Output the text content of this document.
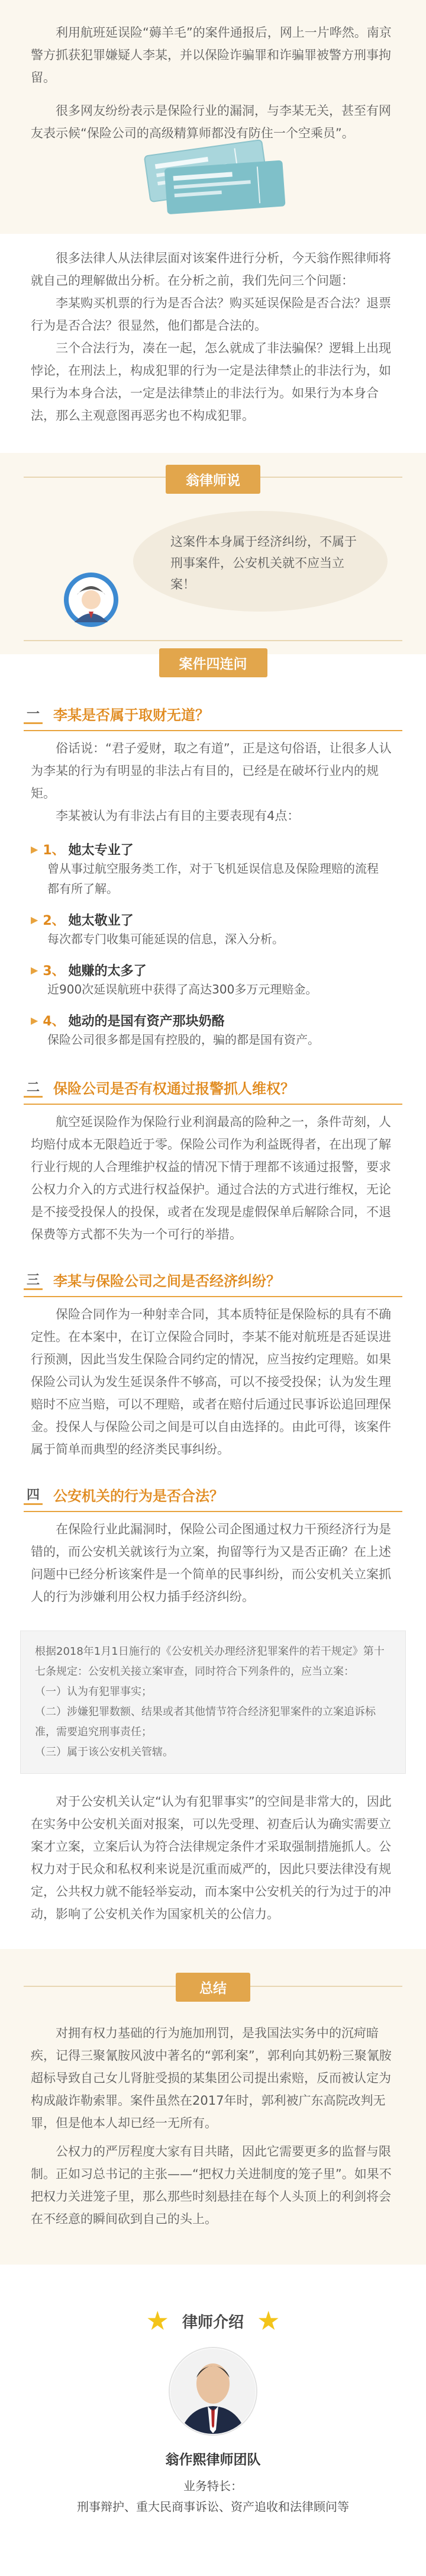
利用航班延误险“薅羊毛”的案件通报后，网上一片哗然。南京警方抓获犯罪嫌疑人李某，并以保险诈骗罪和诈骗罪被警方刑事拘留。

很多网友纷纷表示是保险行业的漏洞，与李某无关，甚至有网友表示候“保险公司的高级精算师都没有防住一个空乘员”。

很多法律人从法律层面对该案件进行分析，今天翁作熙律师将就自己的理解做出分析。在分析之前，我们先问三个问题：

李某购买机票的行为是否合法？购买延误保险是否合法？退票行为是否合法？很显然，他们都是合法的。

三个合法行为，凑在一起，怎么就成了非法骗保？逻辑上出现悖论，在刑法上，构成犯罪的行为一定是法律禁止的非法行为，如果行为本身合法，一定是法律禁止的非法行为。如果行为本身合法，那么主观意图再恶劣也不构成犯罪。

翁律师说
这案件本身属于经济纠纷，不属于刑事案件，公安机关就不应当立案！
案件四连问
一 李某是否属于取财无道？

俗话说：“君子爱财，取之有道”，正是这句俗语，让很多人认为李某的行为有明显的非法占有目的，已经是在破坏行业内的规矩。

李某被认为有非法占有目的主要表现有4点：

▶ 1、 她太专业了
曾从事过航空服务类工作，对于飞机延误信息及保险理赔的流程都有所了解。
▶ 2、 她太敬业了
每次都专门收集可能延误的信息，深入分析。
▶ 3、 她赚的太多了
近900次延误航班中获得了高达300多万元理赔金。
▶ 4、 她动的是国有资产那块奶酪
保险公司很多都是国有控股的，骗的都是国有资产。
二 保险公司是否有权通过报警抓人维权？

航空延误险作为保险行业利润最高的险种之一，条件苛刻，人均赔付成本无限趋近于零。保险公司作为利益既得者，在出现了解行业行规的人合理维护权益的情况下情于理都不该通过报警，要求公权力介入的方式进行权益保护。通过合法的方式进行维权，无论是不接受投保人的投保，或者在发现是虚假保单后解除合同，不退保费等方式都不失为一个可行的举措。

三 李某与保险公司之间是否经济纠纷？

保险合同作为一种射幸合同，其本质特征是保险标的具有不确定性。在本案中，在订立保险合同时，李某不能对航班是否延误进行预测，因此当发生保险合同约定的情况，应当按约定理赔。如果保险公司认为发生延误条件不够高，可以不接受投保；认为发生理赔时不应当赔，可以不理赔，或者在赔付后通过民事诉讼追回理保金。投保人与保险公司之间是可以自由选择的。由此可得，该案件属于简单而典型的经济类民事纠纷。

四 公安机关的行为是否合法？

在保险行业此漏洞时，保险公司企图通过权力干预经济行为是错的，而公安机关就该行为立案，拘留等行为又是否正确？在上述问题中已经分析该案件是一个简单的民事纠纷，而公安机关立案抓人的行为涉嫌利用公权力插手经济纠纷。

根据2018年1月1日施行的《公安机关办理经济犯罪案件的若干规定》第十七条规定：公安机关接立案审查，同时符合下列条件的，应当立案：
（一）认为有犯罪事实；
（二）涉嫌犯罪数额、结果或者其他情节符合经济犯罪案件的立案追诉标准，需要追究刑事责任；
（三）属于该公安机关管辖。

对于公安机关认定“认为有犯罪事实”的空间是非常大的，因此在实务中公安机关面对报案，可以先受理、初查后认为确实需要立案才立案，立案后认为符合法律规定条件才采取强制措施抓人。公权力对于民众和私权利来说是沉重而威严的，因此只要法律没有规定，公共权力就不能轻举妄动，而本案中公安机关的行为过于的冲动，影响了公安机关作为国家机关的公信力。

总结

对拥有权力基础的行为施加刑罚，是我国法实务中的沉疴暗疾，记得三聚氰胺风波中著名的“郭利案”，郭利向其奶粉三聚氰胺超标导致自己女儿肾脏受损的某集团公司提出索赔，反而被认定为构成敲诈勒索罪。案件虽然在2017年时，郭利被广东高院改判无罪，但是他本人却已经一无所有。

公权力的严厉程度大家有目共睹，因此它需要更多的监督与限制。正如习总书记的主张——“把权力关进制度的笼子里”。如果不把权力关进笼子里，那么那些时刻悬挂在每个人头顶上的利剑将会在不经意的瞬间砍到自己的头上。

★ 律师介绍 ★
翁作熙律师团队
业务特长：
刑事辩护、重大民商事诉讼、资产追收和法律顾问等
